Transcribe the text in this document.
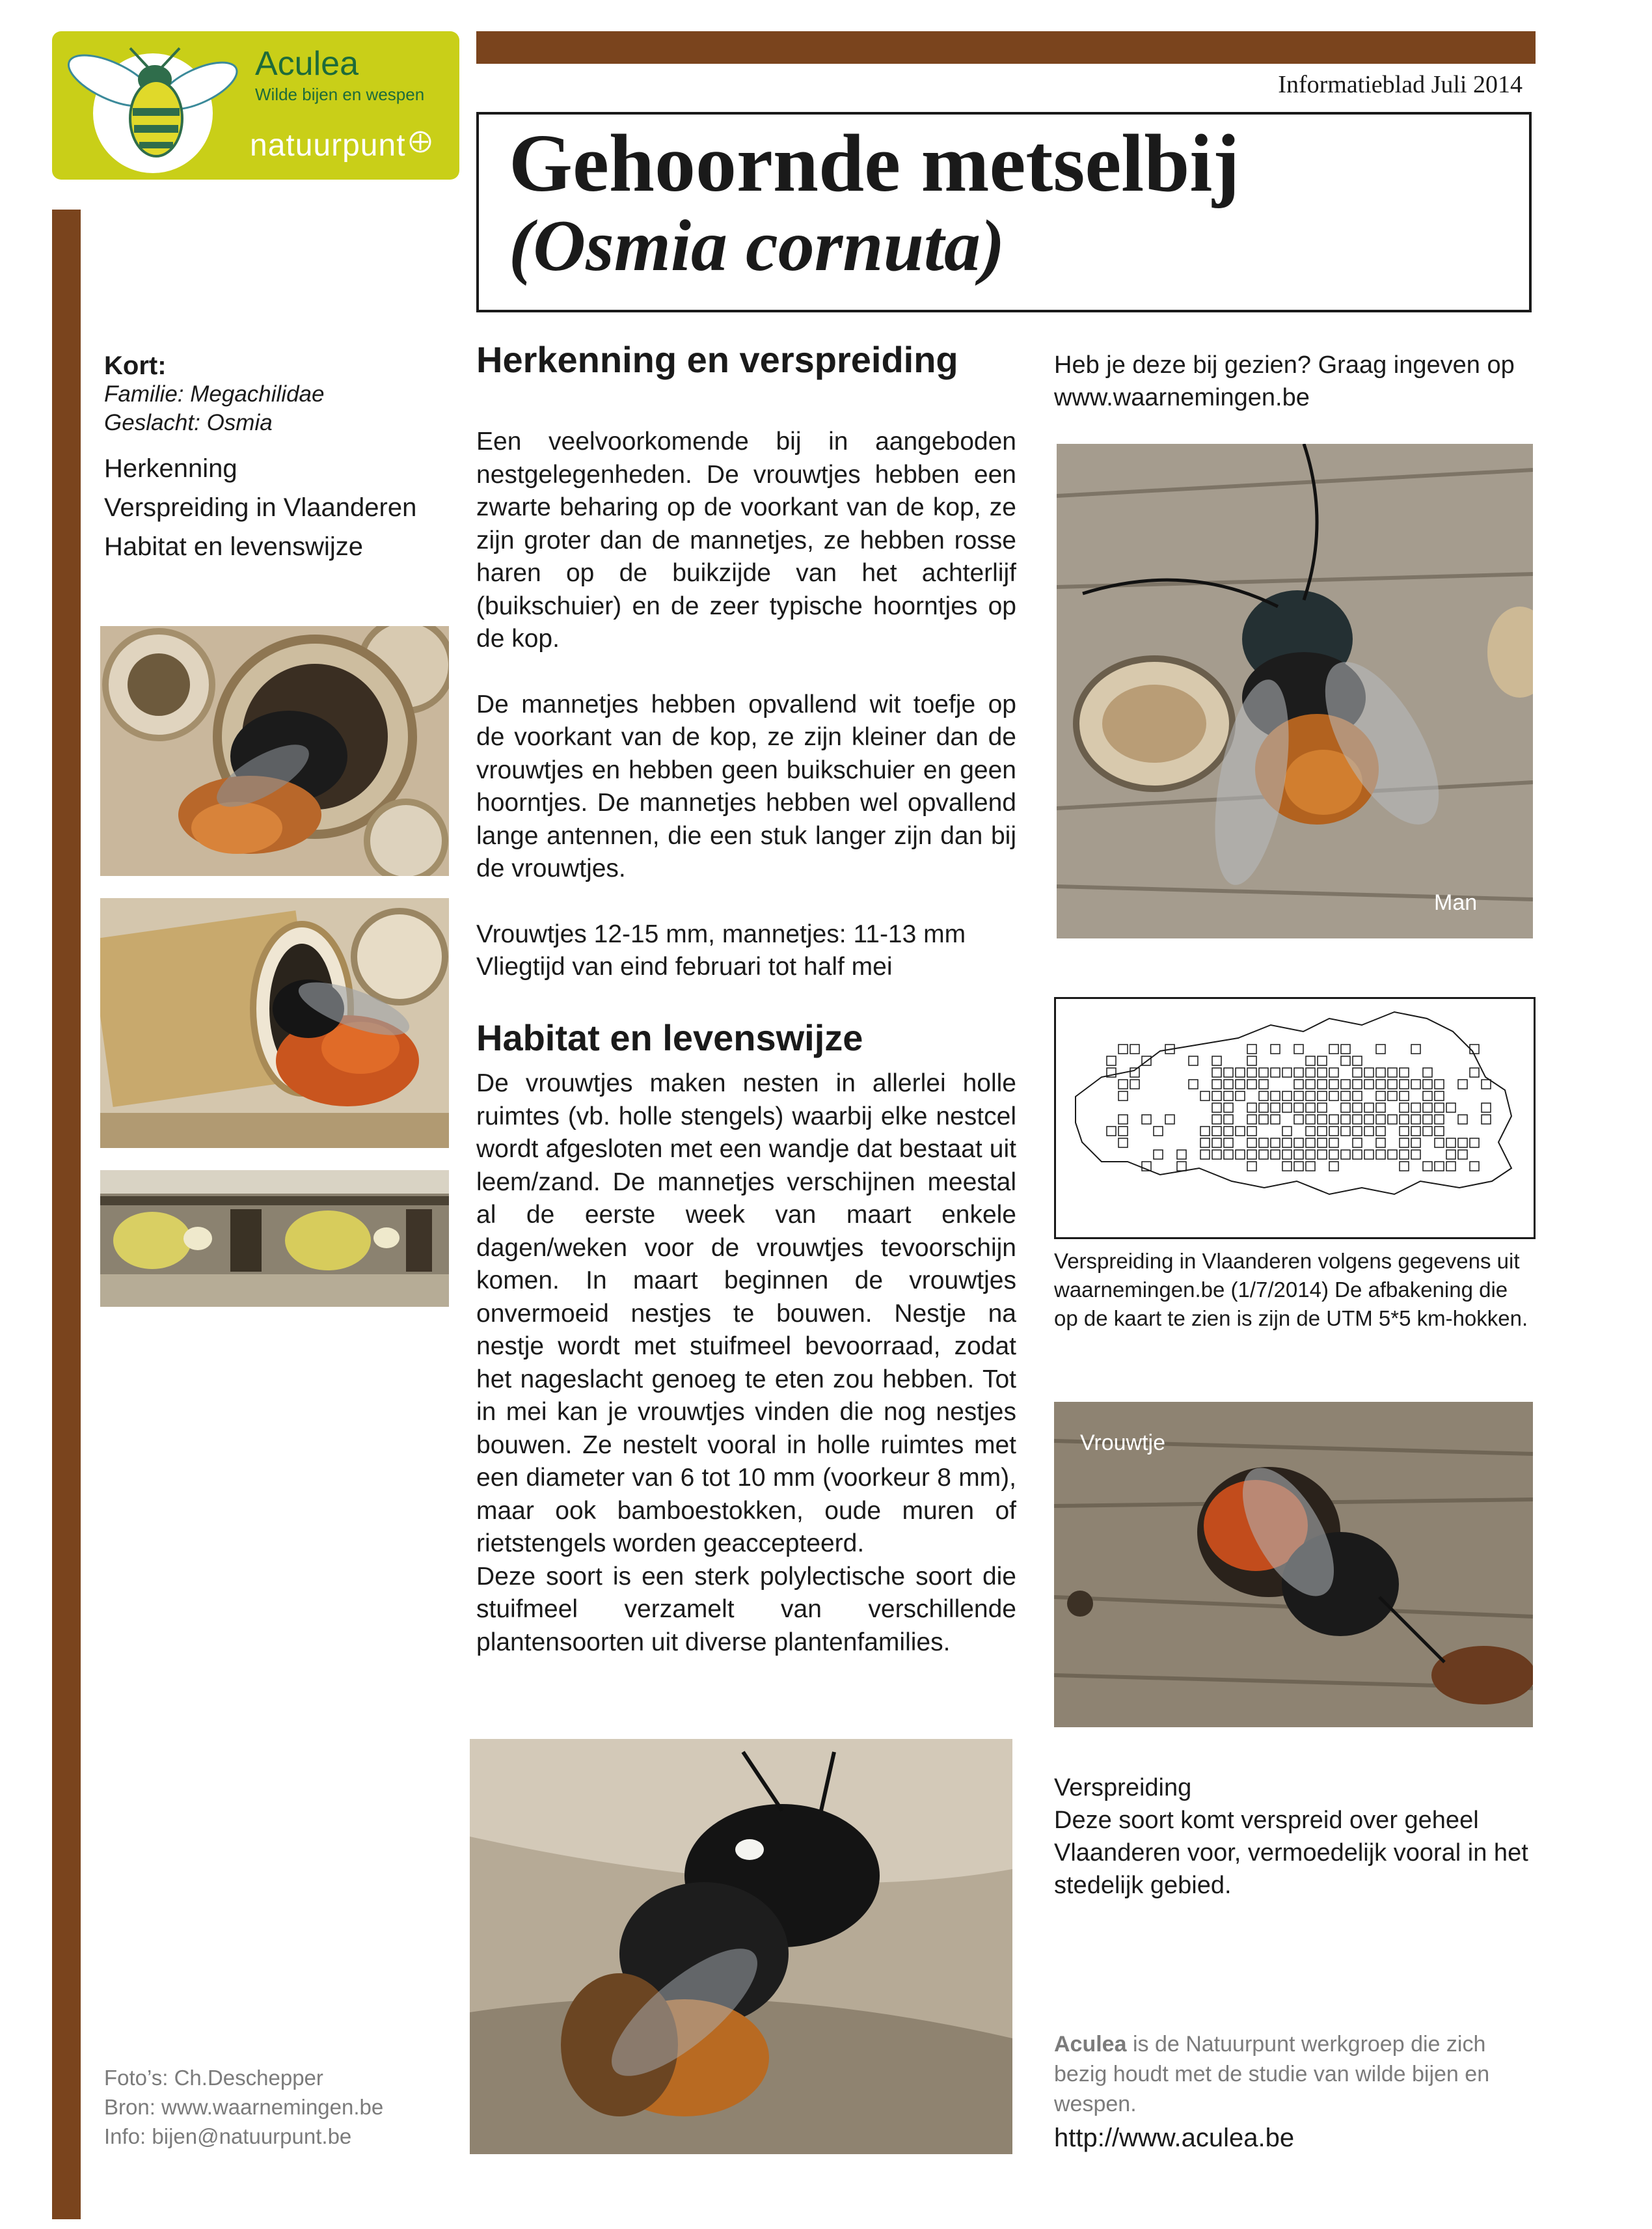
Aculea
Wilde bijen en wespen
natuurpunt
Informatieblad Juli 2014
Gehoornde metselbij
(Osmia cornuta)
Kort:
Familie: Megachilidae
Geslacht: Osmia
Herkenning
Verspreiding in Vlaanderen
Habitat en levenswijze
Herkenning en verspreiding

Een veelvoorkomende bij in aangeboden nestgelegenheden. De vrouwtjes hebben een zwarte beharing op de voorkant van de kop, ze zijn groter dan de mannetjes, ze hebben rosse haren op de buikzijde van het achterlijf (buikschuier) en de zeer typische hoorntjes op de kop.

De mannetjes hebben opvallend wit toefje op de voorkant van de kop, ze zijn kleiner dan de vrouwtjes en hebben geen buikschuier en geen hoorntjes. De mannetjes hebben wel opvallend lange antennen, die een stuk langer zijn dan bij de vrouwtjes.

Vrouwtjes 12-15 mm, mannetjes: 11-13 mm

Vliegtijd van eind februari tot half mei

Habitat en levenswijze

De vrouwtjes maken nesten in allerlei holle ruimtes (vb. holle stengels) waarbij elke nestcel wordt afgesloten met een wandje dat bestaat uit leem/zand. De mannetjes verschijnen meestal al de eerste week van maart enkele dagen/weken voor de vrouwtjes tevoorschijn komen. In maart beginnen de vrouwtjes onvermoeid nestjes te bouwen. Nestje na nestje wordt met stuifmeel bevoorraad, zodat het nageslacht genoeg te eten zou hebben. Tot in mei kan je vrouwtjes vinden die nog nestjes bouwen. Ze nestelt vooral in holle ruimtes met een diameter van 6 tot 10 mm (voorkeur 8 mm), maar ook bamboestokken, oude muren of rietstengels worden geaccepteerd.

Deze soort is een sterk polylectische soort die stuifmeel verzamelt van verschillende plantensoorten uit diverse plantenfamilies.

Heb je deze bij gezien? Graag ingeven op www.waarnemingen.be
Man
Verspreiding in Vlaanderen volgens gegevens uit waarnemingen.be (1/7/2014) De afbakening die op de kaart te zien is zijn de UTM 5*5 km-hokken.
Vrouwtje

Verspreiding

Deze soort komt verspreid over geheel Vlaanderen voor, vermoedelijk vooral in het stedelijk gebied.

Foto’s: Ch.Deschepper
Bron: www.waarnemingen.be
Info: bijen@natuurpunt.be
Aculea is de Natuurpunt werkgroep die zich bezig houdt met de studie van wilde bijen en wespen.
http://www.aculea.be
